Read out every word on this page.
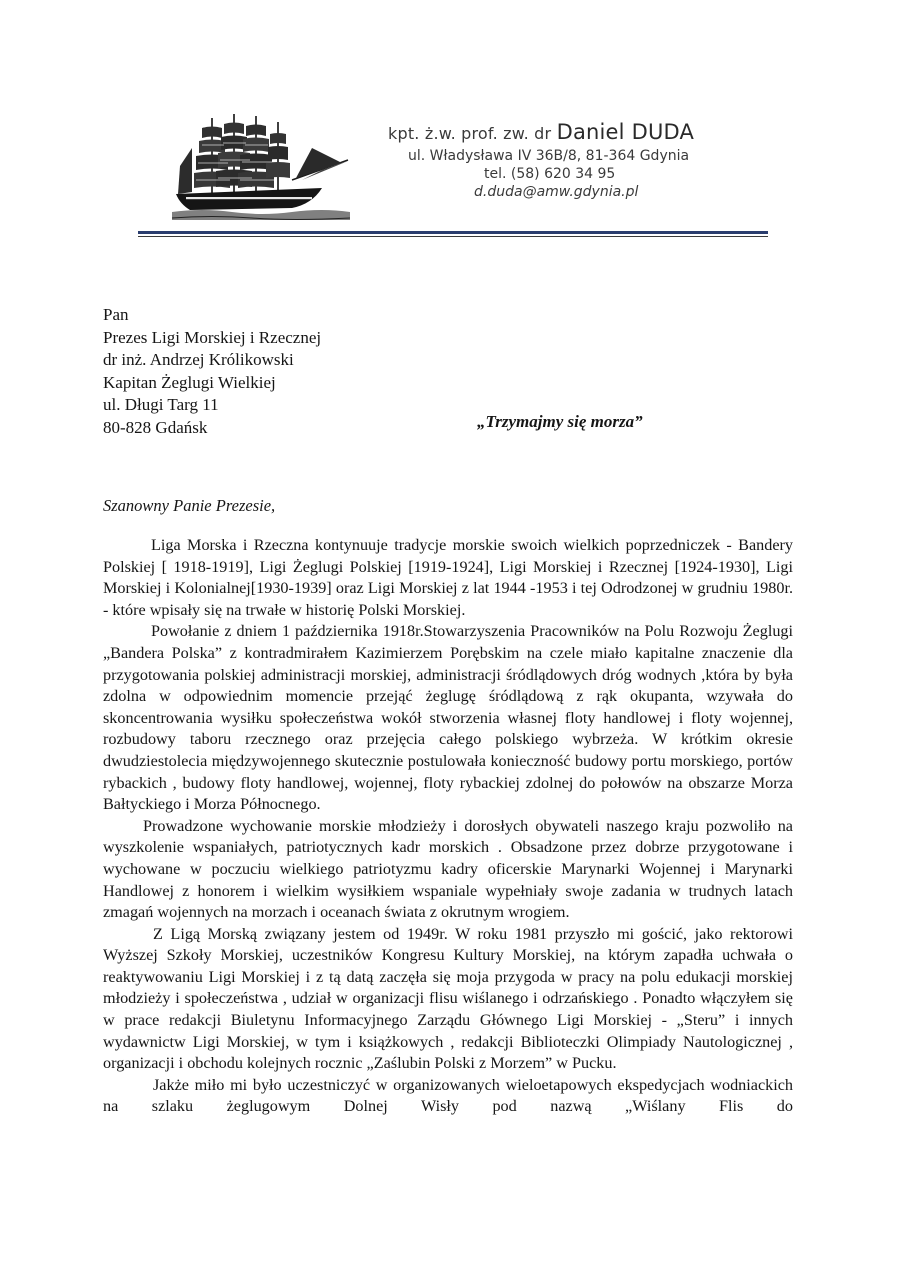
kpt. ż.w. prof. zw. dr Daniel DUDA
ul. Władysława IV 36B/8, 81-364 Gdynia
tel. (58) 620 34 95
d.duda@amw.gdynia.pl
Pan
Prezes Ligi Morskiej i Rzecznej
dr inż. Andrzej Królikowski
Kapitan Żeglugi Wielkiej
ul. Długi Targ 11
80-828 Gdańsk	„Trzymajmy się morza”
Szanowny Panie Prezesie,

Liga Morska i Rzeczna kontynuuje tradycje morskie swoich wielkich poprzedniczek - Bandery Polskiej [ 1918-1919], Ligi Żeglugi Polskiej [1919-1924], Ligi Morskiej i Rzecznej [1924-1930], Ligi Morskiej i Kolonialnej[1930-1939] oraz Ligi Morskiej z lat 1944 -1953 i tej Odrodzonej w grudniu 1980r. - które wpisały się na trwałe w historię Polski Morskiej.

Powołanie z dniem 1 października 1918r.Stowarzyszenia Pracowników na Polu Rozwoju Żeglugi „Bandera Polska” z kontradmirałem Kazimierzem Porębskim na czele miało kapitalne znaczenie dla przygotowania polskiej administracji morskiej, administracji śródlądowych dróg wodnych ,która by była zdolna w odpowiednim momencie przejąć żeglugę śródlądową z rąk okupanta, wzywała do skoncentrowania wysiłku społeczeństwa wokół stworzenia własnej floty handlowej i floty wojennej, rozbudowy taboru rzecznego oraz przejęcia całego polskiego wybrzeża. W krótkim okresie dwudziestolecia międzywojennego skutecznie postulowała konieczność budowy portu morskiego, portów rybackich , budowy floty handlowej, wojennej, floty rybackiej zdolnej do połowów na obszarze Morza Bałtyckiego i Morza Północnego.

Prowadzone wychowanie morskie młodzieży i dorosłych obywateli naszego kraju pozwoliło na wyszkolenie wspaniałych, patriotycznych kadr morskich . Obsadzone przez dobrze przygotowane i wychowane w poczuciu wielkiego patriotyzmu kadry oficerskie Marynarki Wojennej i Marynarki Handlowej z honorem i wielkim wysiłkiem wspaniale wypełniały swoje zadania w trudnych latach zmagań wojennych na morzach i oceanach świata z okrutnym wrogiem.

Z Ligą Morską związany jestem od 1949r. W roku 1981 przyszło mi gościć, jako rektorowi Wyższej Szkoły Morskiej, uczestników Kongresu Kultury Morskiej, na którym zapadła uchwała o reaktywowaniu Ligi Morskiej i z tą datą zaczęła się moja przygoda w pracy na polu edukacji morskiej młodzieży i społeczeństwa , udział w organizacji flisu wiślanego i odrzańskiego . Ponadto włączyłem się w prace redakcji Biuletynu Informacyjnego Zarządu Głównego Ligi Morskiej - „Steru” i innych wydawnictw Ligi Morskiej, w tym i książkowych , redakcji Biblioteczki Olimpiady Nautologicznej , organizacji i obchodu kolejnych rocznic „Zaślubin Polski z Morzem” w Pucku.

Jakże miło mi było uczestniczyć w organizowanych wieloetapowych ekspedycjach wodniackich na szlaku żeglugowym Dolnej Wisły pod nazwą „Wiślany Flis do
